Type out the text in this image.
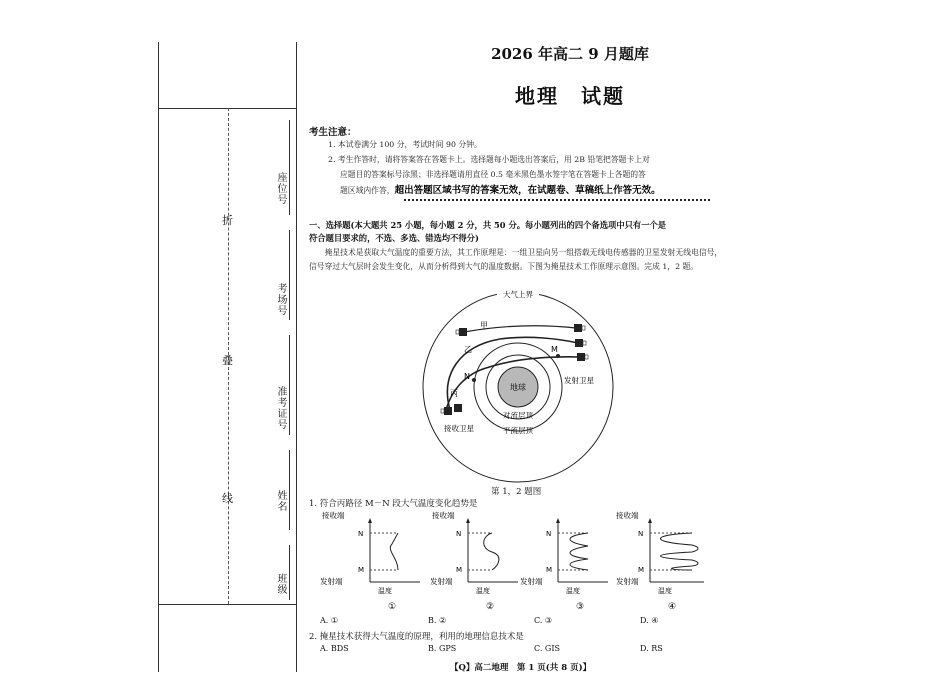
折
叠
线
座位号
考场号
准考证号
姓名
班级
2026 年高二 9 月题库
地理　试题
考生注意：
1. 本试卷满分 100 分，考试时间 90 分钟。
2. 考生作答时，请将答案答在答题卡上。选择题每小题选出答案后，用 2B 铅笔把答题卡上对
应题目的答案标号涂黑；非选择题请用直径 0.5 毫米黑色墨水签字笔在答题卡上各题的答
题区域内作答，超出答题区域书写的答案无效，在试题卷、草稿纸上作答无效。
一、选择题(本大题共 25 小题，每小题 2 分，共 50 分。每小题列出的四个备选项中只有一个是
符合题目要求的，不选、多选、错选均不得分)
掩星技术是获取大气温度的重要方法，其工作原理是：一组卫星向另一组搭载无线电传感器的卫星发射无线电信号，信号穿过大气层时会发生变化，从而分析得到大气的温度数据。下图为掩星技术工作原理示意图。完成 1，2 题。
大气上界
地球
对流层顶
平流层顶
甲
乙
丙
M
N	发射卫星
接收卫星
第 1，2 题图
1. 符合丙路径 M－N 段大气温度变化趋势是
接收端
N
M
发射端
温度
①
接收端
N
M
发射端
温度
②
N
M
发射端
温度
③
接收端
N
M
发射端
温度
④
A. ①	B. ②	C. ③	D. ④
2. 掩星技术获得大气温度的原理，利用的地理信息技术是
A. BDS	B. GPS	C. GIS	D. RS
【Q】高二地理　第 1 页(共 8 页)】
